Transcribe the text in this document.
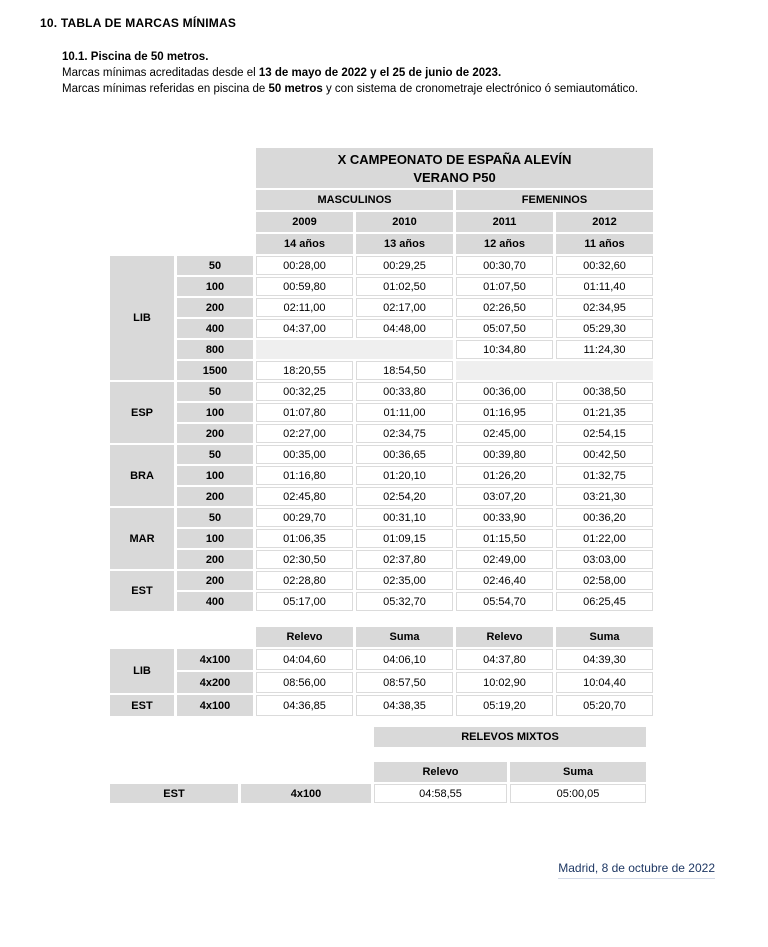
10. TABLA DE MARCAS MÍNIMAS
10.1. Piscina de 50 metros.
Marcas mínimas acreditadas desde el 13 de mayo de 2022 y el 25 de junio de 2023.
Marcas mínimas referidas en piscina de 50 metros y con sistema de cronometraje electrónico ó semiautomático.

		X CAMPEONATO DE ESPAÑA ALEVÍN
VERANO P50			

		MASCULINOS		FEMENINOS	
		2009	2010	2011	2012
		14 años	13 años	12 años	11 años
LIB	50	00:28,00	00:29,25	00:30,70	00:32,60
	100	00:59,80	01:02,50	01:07,50	01:11,40
	200	02:11,00	02:17,00	02:26,50	02:34,95
	400	04:37,00	04:48,00	05:07,50	05:29,30
	800			10:34,80	11:24,30
	1500	18:20,55	18:54,50		
ESP	50	00:32,25	00:33,80	00:36,00	00:38,50
	100	01:07,80	01:11,00	01:16,95	01:21,35
	200	02:27,00	02:34,75	02:45,00	02:54,15
BRA	50	00:35,00	00:36,65	00:39,80	00:42,50
	100	01:16,80	01:20,10	01:26,20	01:32,75
	200	02:45,80	02:54,20	03:07,20	03:21,30
MAR	50	00:29,70	00:31,10	00:33,90	00:36,20
	100	01:06,35	01:09,15	01:15,50	01:22,00
	200	02:30,50	02:37,80	02:49,00	03:03,00
EST	200	02:28,80	02:35,00	02:46,40	02:58,00
	400	05:17,00	05:32,70	05:54,70	06:25,45
		Relevo	Suma	Relevo	Suma
LIB	4x100	04:04,60	04:06,10	04:37,80	04:39,30
	4x200	08:56,00	08:57,50	10:02,90	10:04,40
EST	4x100	04:36,85	04:38,35	05:19,20	05:20,70
		RELEVOS MIXTOS	

		Relevo	Suma
EST	4x100	04:58,55	05:00,05
Madrid, 8 de octubre de 2022
